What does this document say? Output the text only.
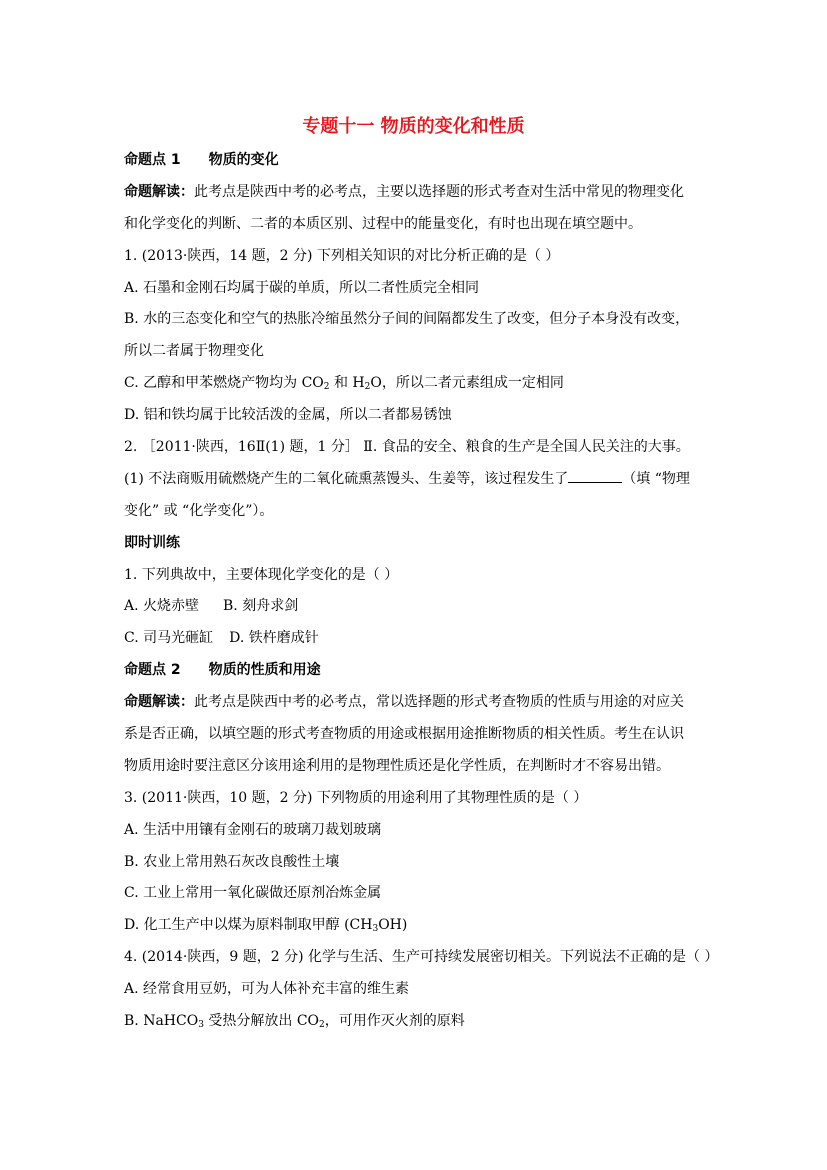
专题十一 物质的变化和性质
命题点 1 物质的变化
命题解读：此考点是陕西中考的必考点，主要以选择题的形式考查对生活中常见的物理变化
和化学变化的判断、二者的本质区别、过程中的能量变化，有时也出现在填空题中。
1. (2013·陕西，14 题，2 分) 下列相关知识的对比分析正确的是（ ）
A. 石墨和金刚石均属于碳的单质，所以二者性质完全相同
B. 水的三态变化和空气的热胀冷缩虽然分子间的间隔都发生了改变，但分子本身没有改变，
所以二者属于物理变化
C. 乙醇和甲苯燃烧产物均为 $CO_2$ 和 $H_2O$，所以二者元素组成一定相同
D. 铝和铁均属于比较活泼的金属，所以二者都易锈蚀
2. ［2011·陕西，16Ⅱ(1) 题，1 分］ Ⅱ. 食品的安全、粮食的生产是全国人民关注的大事。
(1) 不法商贩用硫燃烧产生的二氧化硫熏蒸馒头、生姜等，该过程发生了	（填 “物理
变化” 或 “化学变化”）。
即时训练
1. 下列典故中，主要体现化学变化的是（ ）
A. 火烧赤壁 B. 刻舟求剑
C. 司马光砸缸 D. 铁杵磨成针
命题点 2 物质的性质和用途
命题解读：此考点是陕西中考的必考点，常以选择题的形式考查物质的性质与用途的对应关
系是否正确，以填空题的形式考查物质的用途或根据用途推断物质的相关性质。考生在认识
物质用途时要注意区分该用途利用的是物理性质还是化学性质，在判断时才不容易出错。
3. (2011·陕西，10 题，2 分) 下列物质的用途利用了其物理性质的是（ ）
A. 生活中用镶有金刚石的玻璃刀裁划玻璃
B. 农业上常用熟石灰改良酸性土壤
C. 工业上常用一氧化碳做还原剂冶炼金属
D. 化工生产中以煤为原料制取甲醇 $(CH_3OH)$
4. (2014·陕西，9 题，2 分) 化学与生活、生产可持续发展密切相关。下列说法不正确的是（ ）
A. 经常食用豆奶，可为人体补充丰富的维生素
B. NaHCO$_3$ 受热分解放出 $CO_2$，可用作灭火剂的原料
